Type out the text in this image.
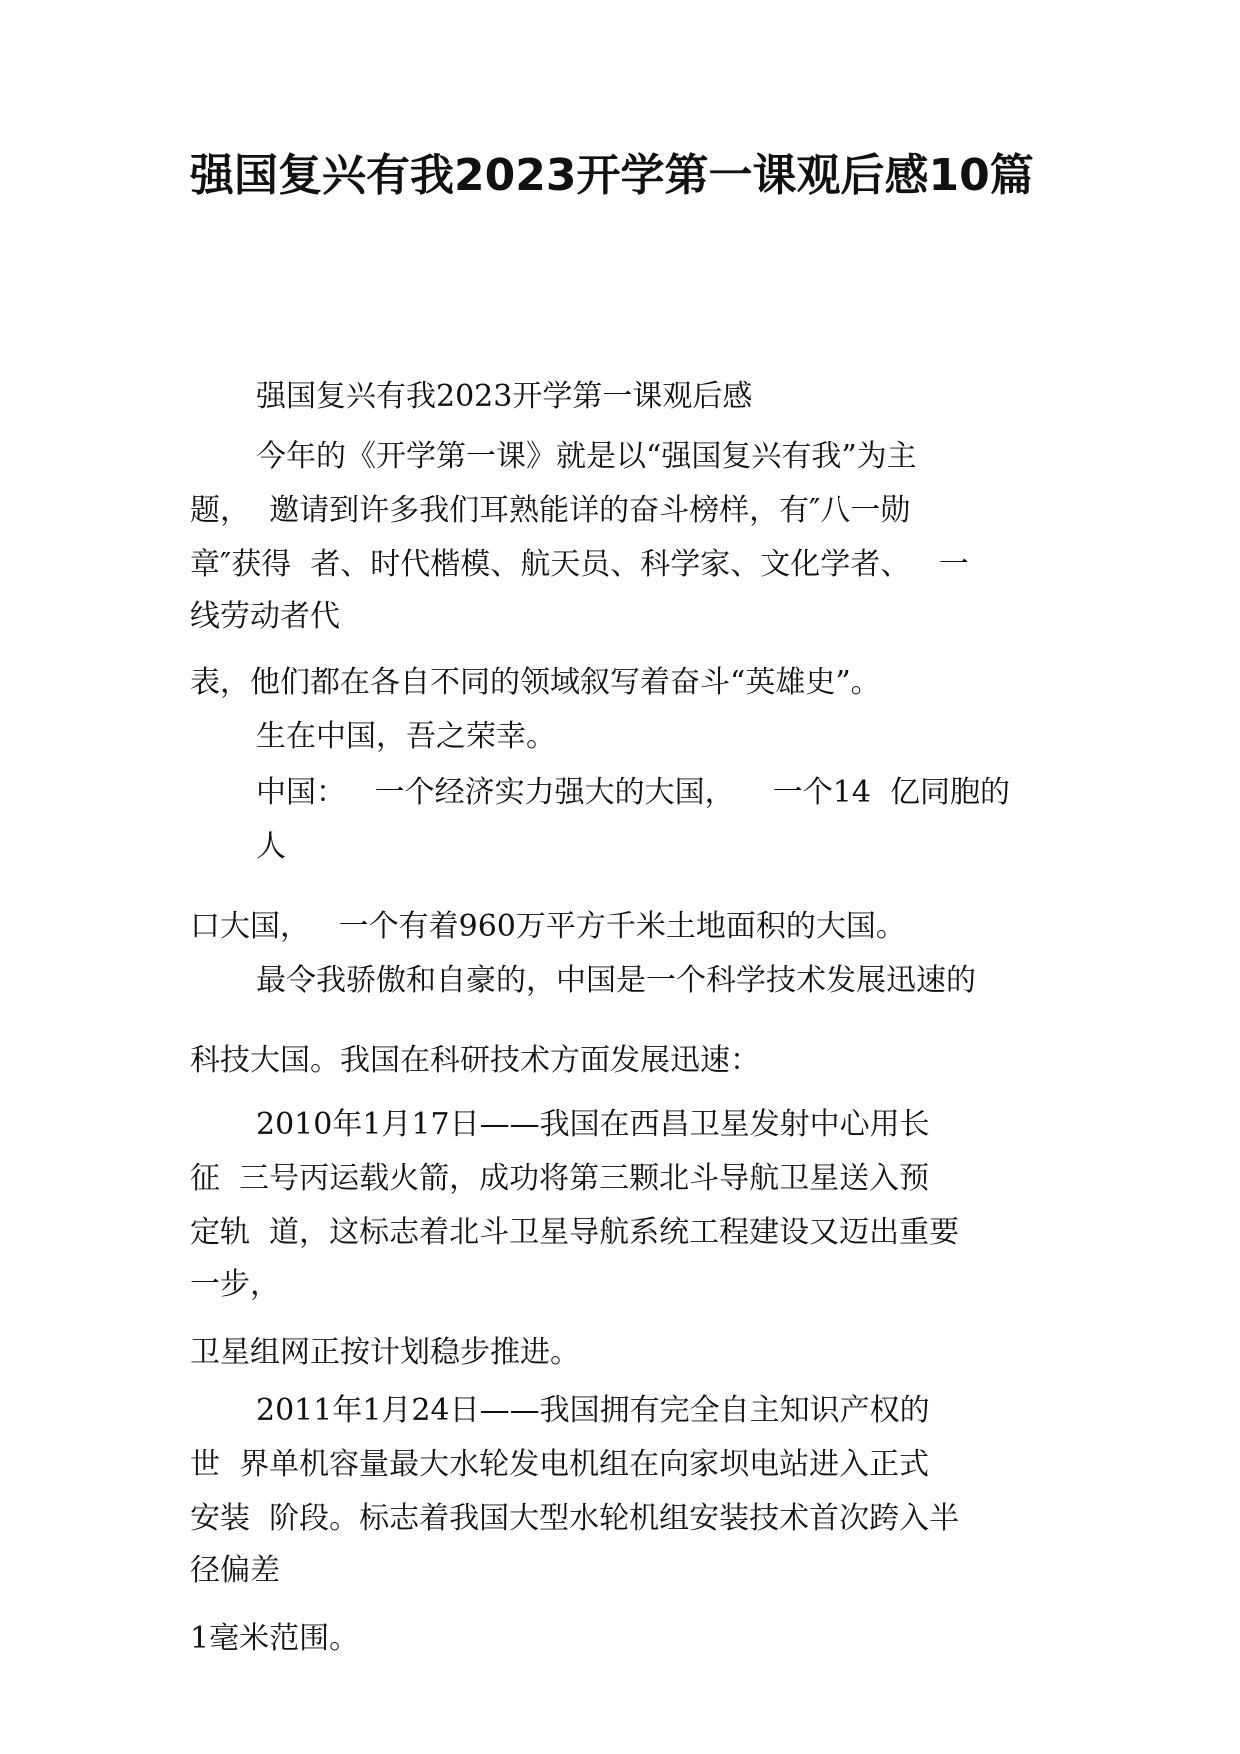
强国复兴有我2023开学第一课观后感10篇

强国复兴有我2023开学第一课观后感

今年的《开学第一课》就是以“强国复兴有我”为主

题，  邀请到许多我们耳熟能详的奋斗榜样，有″八一勋

章″获得  者、时代楷模、航天员、科学家、文化学者、   一

线劳动者代

表，他们都在各自不同的领域叙写着奋斗“英雄史”。

生在中国，吾之荣幸。

中国：   一个经济实力强大的大国，    一个14  亿同胞的

人

口大国，   一个有着960万平方千米土地面积的大国。

最令我骄傲和自豪的，中国是一个科学技术发展迅速的

科技大国。我国在科研技术方面发展迅速：

2010年1月17日——我国在西昌卫星发射中心用长

征  三号丙运载火箭，成功将第三颗北斗导航卫星送入预

定轨  道，这标志着北斗卫星导航系统工程建设又迈出重要

一步，

卫星组网正按计划稳步推进。

2011年1月24日——我国拥有完全自主知识产权的

世  界单机容量最大水轮发电机组在向家坝电站进入正式

安装  阶段。标志着我国大型水轮机组安装技术首次跨入半

径偏差

1毫米范围。
